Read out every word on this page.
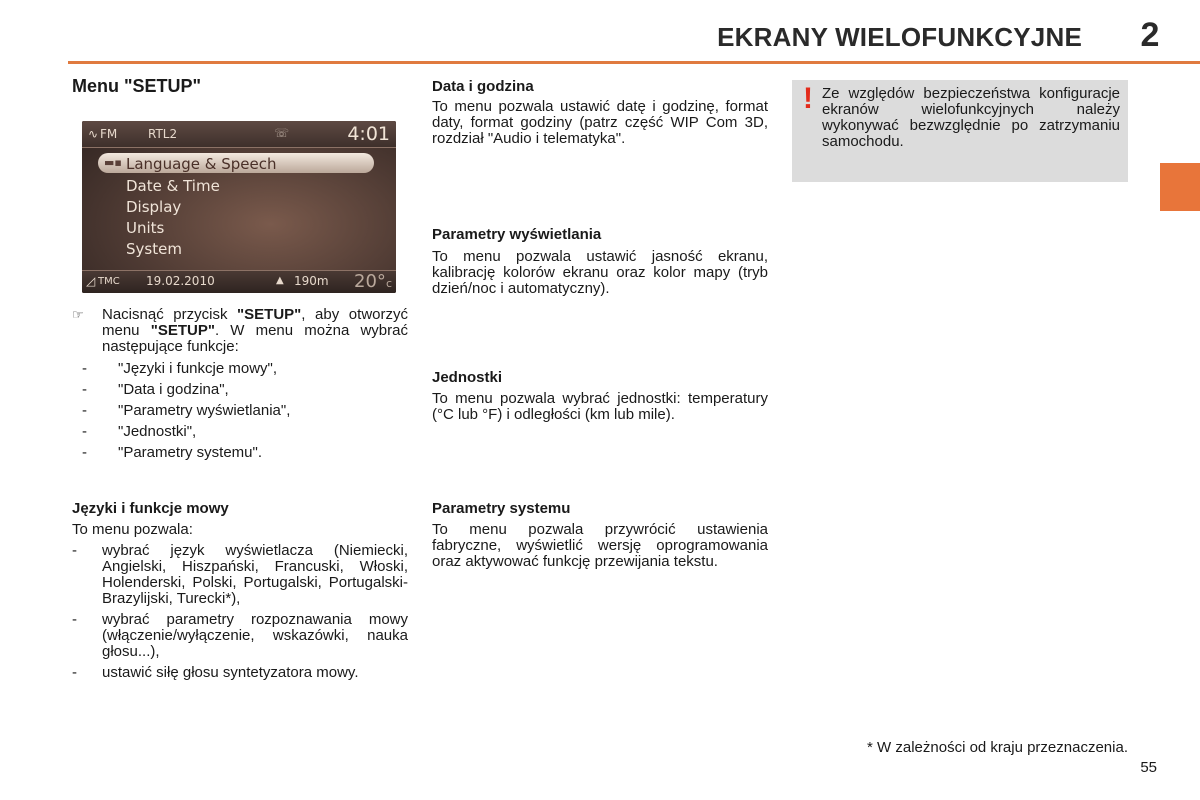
EKRANY WIELOFUNKCYJNE	2
Menu "SETUP"
∿ FM	RTL2	☏	4:01
▬▪ Language & Speech
Date & Time
Display
Units
System
◿ TMC 19.02.2010	▲ 190m 20°c
☞ Nacisnąć przycisk "SETUP", aby otworzyć menu "SETUP". W menu można wybrać następujące funkcje:
- "Języki i funkcje mowy",
- "Data i godzina",
- "Parametry wyświetlania",
- "Jednostki",
- "Parametry systemu".
Języki i funkcje mowy
To menu pozwala:
- wybrać język wyświetlacza (Niemiecki, Angielski, Hiszpański, Francuski, Włoski, Holenderski, Polski, Portugalski, Portugalski-Brazylijski, Turecki*),
- wybrać parametry rozpoznawania mowy (włączenie/wyłączenie, wskazówki, nauka głosu...),
- ustawić siłę głosu syntetyzatora mowy.
Data i godzina
To menu pozwala ustawić datę i godzinę, format daty, format godziny (patrz część WIP Com 3D, rozdział "Audio i telematyka".
Parametry wyświetlania
To menu pozwala ustawić jasność ekranu, kalibrację kolorów ekranu oraz kolor mapy (tryb dzień/noc i automatyczny).
Jednostki
To menu pozwala wybrać jednostki: temperatury (°C lub °F) i odległości (km lub mile).
Parametry systemu
To menu pozwala przywrócić ustawienia fabryczne, wyświetlić wersję oprogramowania oraz aktywować funkcję przewijania tekstu.
! Ze względów bezpieczeństwa konfiguracje ekranów wielofunkcyjnych należy wykonywać bezwzględnie po zatrzymaniu samochodu.
* W zależności od kraju przeznaczenia.
55
